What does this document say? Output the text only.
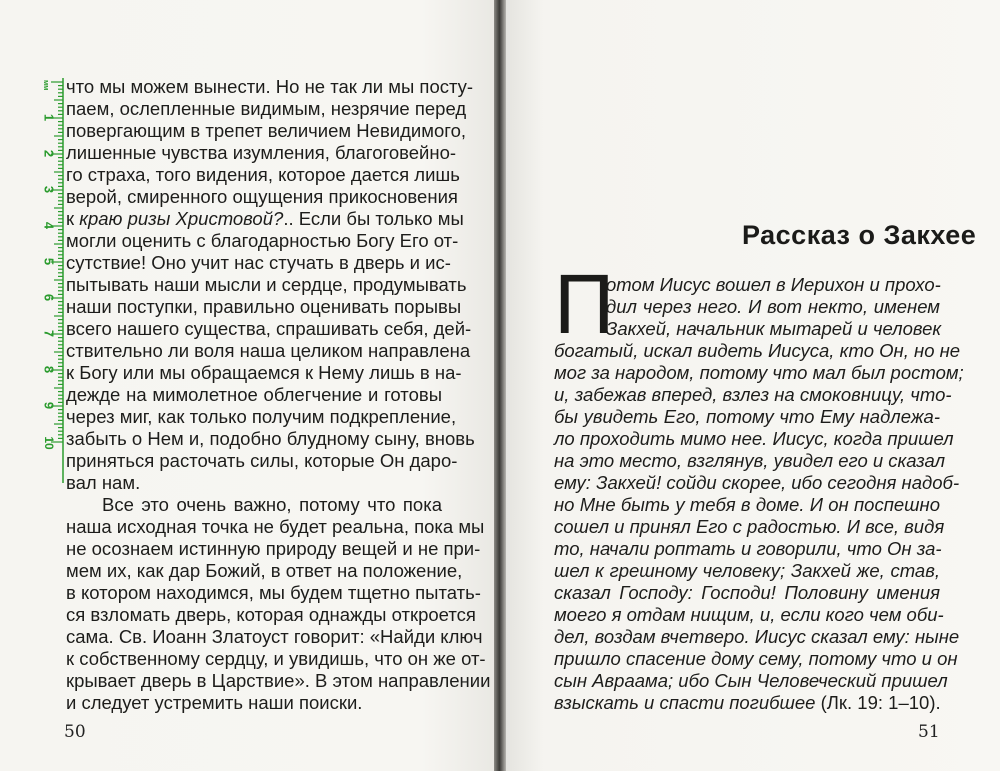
мм
1
2
3
4
5
6
7
8
9
10
что мы можем вынести. Но не так ли мы посту-
паем, ослепленные видимым, незрячие перед
повергающим в трепет величием Невидимого,
лишенные чувства изумления, благоговейно-
го страха, того видения, которое дается лишь
верой, смиренного ощущения прикосновения
к краю ризы Христовой?.. Если бы только мы
могли оценить с благодарностью Богу Его от-
сутствие! Оно учит нас стучать в дверь и ис-
пытывать наши мысли и сердце, продумывать
наши поступки, правильно оценивать порывы
всего нашего существа, спрашивать себя, дей-
ствительно ли воля наша целиком направлена
к Богу или мы обращаемся к Нему лишь в на-
дежде на мимолетное облегчение и готовы
через миг, как только получим подкрепление,
забыть о Нем и, подобно блудному сыну, вновь
приняться расточать силы, которые Он даро-
вал нам.
Все это очень важно, потому что пока
наша исходная точка не будет реальна, пока мы
не осознаем истинную природу вещей и не при-
мем их, как дар Божий, в ответ на положение,
в котором находимся, мы будем тщетно пытать-
ся взломать дверь, которая однажды откроется
сама. Св. Иоанн Златоуст говорит: «Найди ключ
к собственному сердцу, и увидишь, что он же от-
крывает дверь в Царствие». В этом направлении
и следует устремить наши поиски.
50
Рассказ о Закхее
П
отом Иисус вошел в Иерихон и прохо-
дил через него. И вот некто, именем
Закхей, начальник мытарей и человек
богатый, искал видеть Иисуса, кто Он, но не
мог за народом, потому что мал был ростом;
и, забежав вперед, взлез на смоковницу, что-
бы увидеть Его, потому что Ему надлежа-
ло проходить мимо нее. Иисус, когда пришел
на это место, взглянув, увидел его и сказал
ему: Закхей! сойди скорее, ибо сегодня надоб-
но Мне быть у тебя в доме. И он поспешно
сошел и принял Его с радостью. И все, видя
то, начали роптать и говорили, что Он за-
шел к грешному человеку; Закхей же, став,
сказал Господу: Господи! Половину имения
моего я отдам нищим, и, если кого чем оби-
дел, воздам вчетверо. Иисус сказал ему: ныне
пришло спасение дому сему, потому что и он
сын Авраама; ибо Сын Человеческий пришел
взыскать и спасти погибшее (Лк. 19: 1–10).
51
